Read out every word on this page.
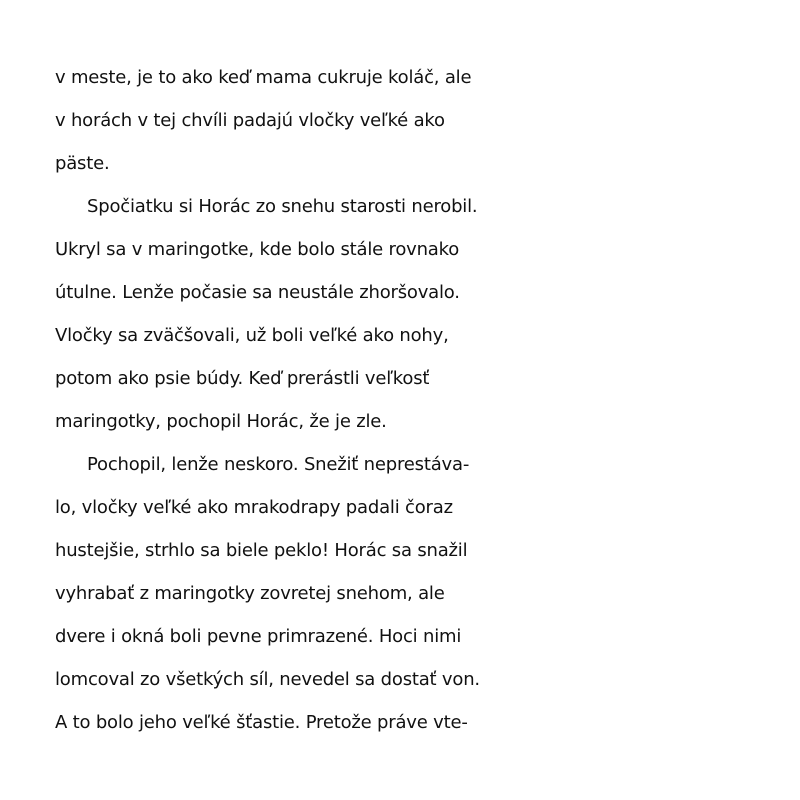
v meste, je to ako keď mama cukruje koláč, ale
v horách v tej chvíli padajú vločky veľké ako
päste.
Spočiatku si Horác zo snehu starosti nerobil.
Ukryl sa v maringotke, kde bolo stále rovnako
útulne. Lenže počasie sa neustále zhoršovalo.
Vločky sa zväčšovali, už boli veľké ako nohy,
potom ako psie búdy. Keď prerástli veľkosť
maringotky, pochopil Horác, že je zle.
Pochopil, lenže neskoro. Snežiť neprestáva-
lo, vločky veľké ako mrakodrapy padali čoraz
hustejšie, strhlo sa biele peklo! Horác sa snažil
vyhrabať z maringotky zovretej snehom, ale
dvere i okná boli pevne primrazené. Hoci nimi
lomcoval zo všetkých síl, nevedel sa dostať von.
A to bolo jeho veľké šťastie. Pretože práve vte-
